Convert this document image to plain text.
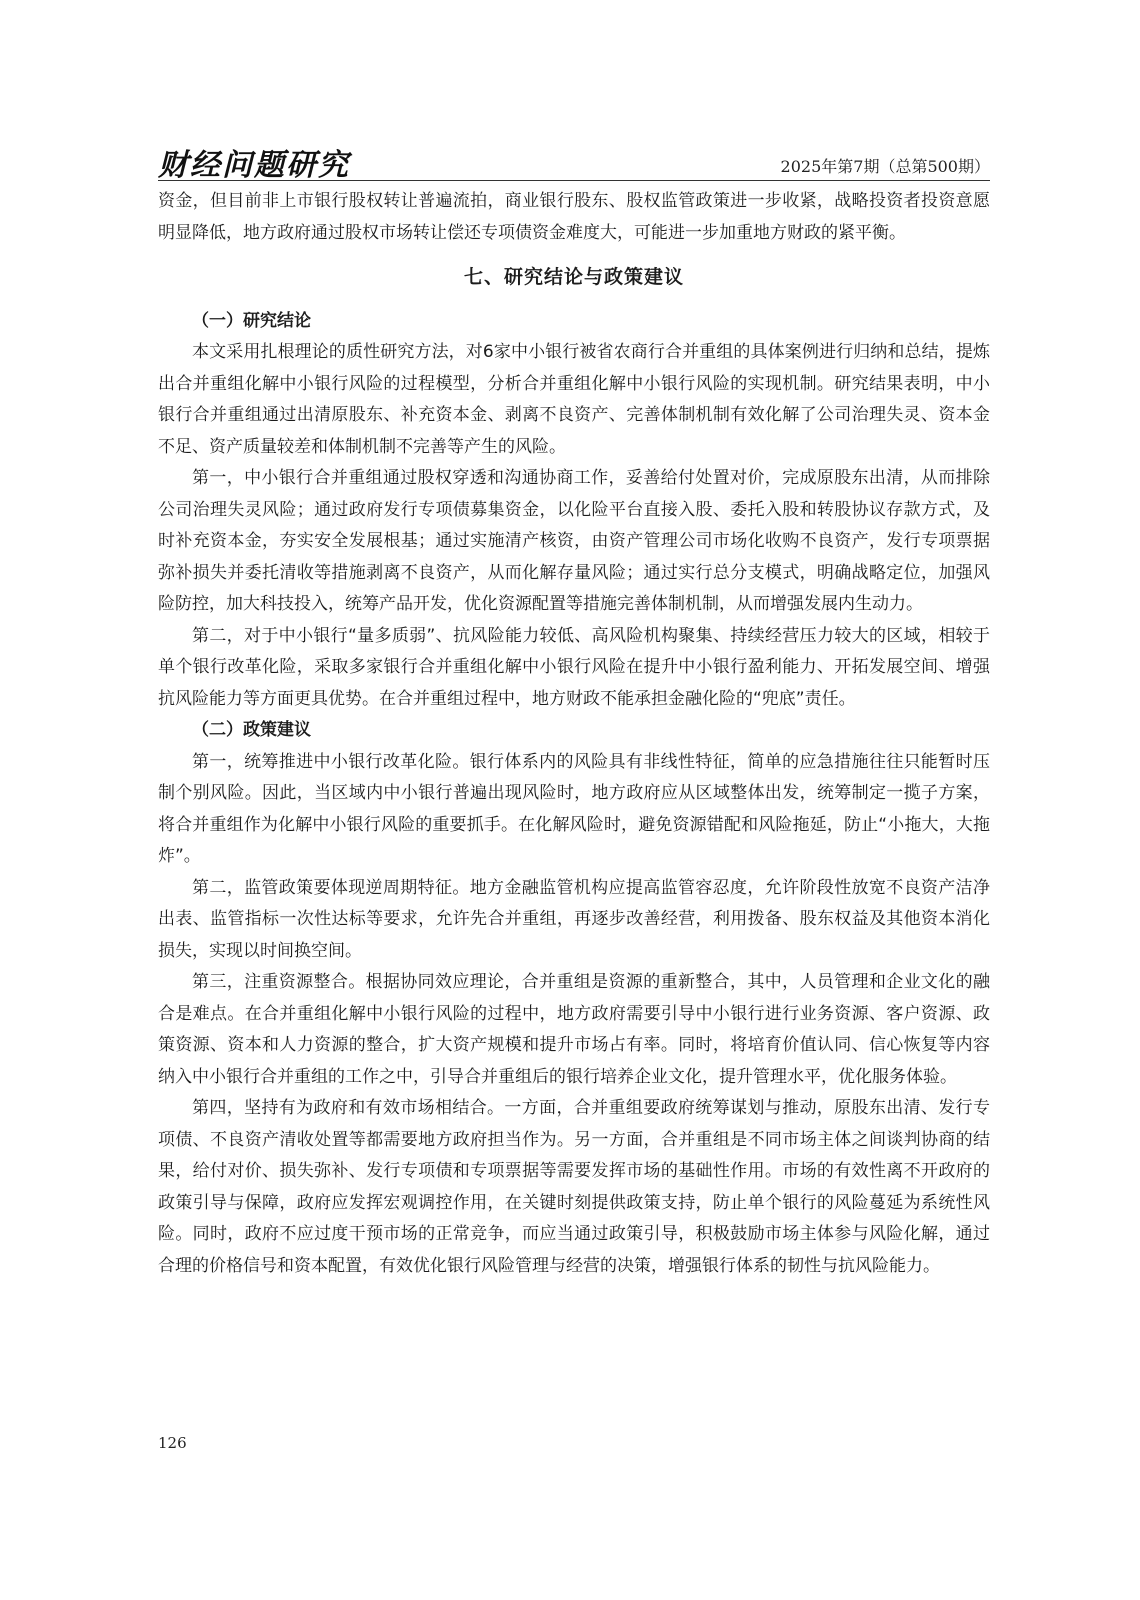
财经问题研究	2025年第7期（总第500期）

资金，但目前非上市银行股权转让普遍流拍，商业银行股东、股权监管政策进一步收紧，战略投资者投资意愿明显降低，地方政府通过股权市场转让偿还专项债资金难度大，可能进一步加重地方财政的紧平衡。

七、研究结论与政策建议

（一）研究结论

本文采用扎根理论的质性研究方法，对6家中小银行被省农商行合并重组的具体案例进行归纳和总结，提炼出合并重组化解中小银行风险的过程模型，分析合并重组化解中小银行风险的实现机制。研究结果表明，中小银行合并重组通过出清原股东、补充资本金、剥离不良资产、完善体制机制有效化解了公司治理失灵、资本金不足、资产质量较差和体制机制不完善等产生的风险。

第一，中小银行合并重组通过股权穿透和沟通协商工作，妥善给付处置对价，完成原股东出清，从而排除公司治理失灵风险；通过政府发行专项债募集资金，以化险平台直接入股、委托入股和转股协议存款方式，及时补充资本金，夯实安全发展根基；通过实施清产核资，由资产管理公司市场化收购不良资产，发行专项票据弥补损失并委托清收等措施剥离不良资产，从而化解存量风险；通过实行总分支模式，明确战略定位，加强风险防控，加大科技投入，统筹产品开发，优化资源配置等措施完善体制机制，从而增强发展内生动力。

第二，对于中小银行“量多质弱”、抗风险能力较低、高风险机构聚集、持续经营压力较大的区域，相较于单个银行改革化险，采取多家银行合并重组化解中小银行风险在提升中小银行盈利能力、开拓发展空间、增强抗风险能力等方面更具优势。在合并重组过程中，地方财政不能承担金融化险的“兜底”责任。

（二）政策建议

第一，统筹推进中小银行改革化险。银行体系内的风险具有非线性特征，简单的应急措施往往只能暂时压制个别风险。因此，当区域内中小银行普遍出现风险时，地方政府应从区域整体出发，统筹制定一揽子方案，将合并重组作为化解中小银行风险的重要抓手。在化解风险时，避免资源错配和风险拖延，防止“小拖大，大拖炸”。

第二，监管政策要体现逆周期特征。地方金融监管机构应提高监管容忍度，允许阶段性放宽不良资产洁净出表、监管指标一次性达标等要求，允许先合并重组，再逐步改善经营，利用拨备、股东权益及其他资本消化损失，实现以时间换空间。

第三，注重资源整合。根据协同效应理论，合并重组是资源的重新整合，其中，人员管理和企业文化的融合是难点。在合并重组化解中小银行风险的过程中，地方政府需要引导中小银行进行业务资源、客户资源、政策资源、资本和人力资源的整合，扩大资产规模和提升市场占有率。同时，将培育价值认同、信心恢复等内容纳入中小银行合并重组的工作之中，引导合并重组后的银行培养企业文化，提升管理水平，优化服务体验。

第四，坚持有为政府和有效市场相结合。一方面，合并重组要政府统筹谋划与推动，原股东出清、发行专项债、不良资产清收处置等都需要地方政府担当作为。另一方面，合并重组是不同市场主体之间谈判协商的结果，给付对价、损失弥补、发行专项债和专项票据等需要发挥市场的基础性作用。市场的有效性离不开政府的政策引导与保障，政府应发挥宏观调控作用，在关键时刻提供政策支持，防止单个银行的风险蔓延为系统性风险。同时，政府不应过度干预市场的正常竞争，而应当通过政策引导，积极鼓励市场主体参与风险化解，通过合理的价格信号和资本配置，有效优化银行风险管理与经营的决策，增强银行体系的韧性与抗风险能力。

126
